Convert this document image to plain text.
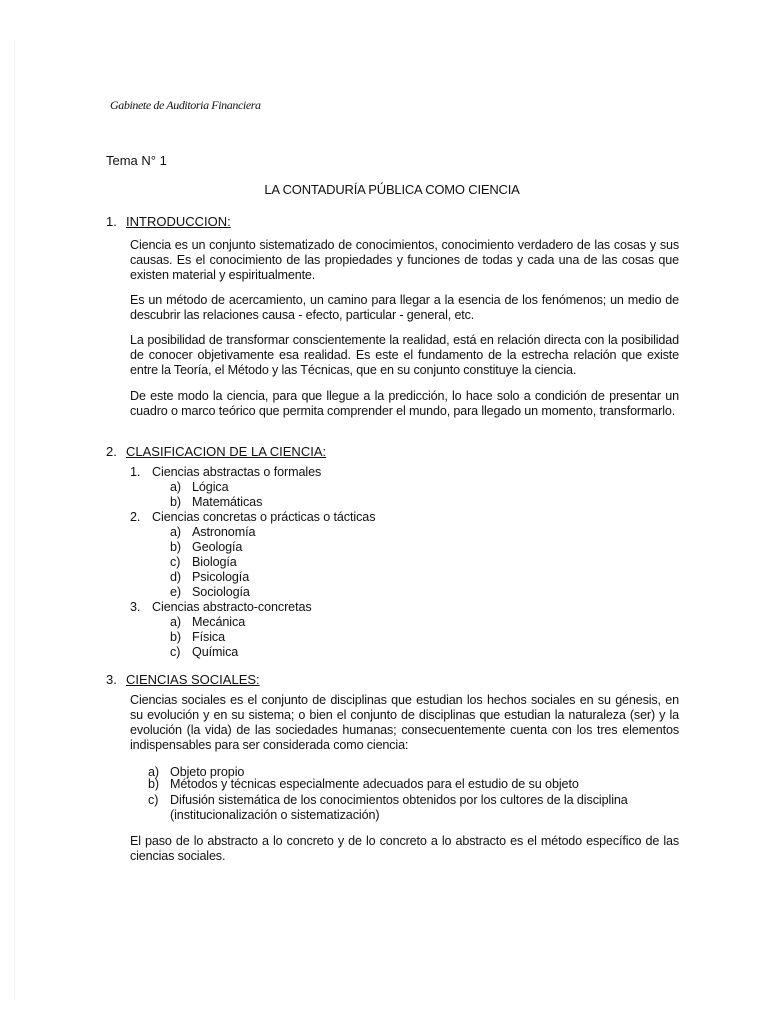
Gabinete de Auditoria Financiera
Tema N° 1
LA CONTADURÍA PÚBLICA COMO CIENCIA
1. INTRODUCCION:

Ciencia es un conjunto sistematizado de conocimientos, conocimiento verdadero de las cosas y sus causas. Es el conocimiento de las propiedades y funciones de todas y cada una de las cosas que existen material y espiritualmente.

Es un método de acercamiento, un camino para llegar a la esencia de los fenómenos; un medio de descubrir las relaciones causa - efecto, particular - general, etc.

La posibilidad de transformar conscientemente la realidad, está en relación directa con la posibilidad de conocer objetivamente esa realidad. Es este el fundamento de la estrecha relación que existe entre la Teoría, el Método y las Técnicas, que en su conjunto constituye la ciencia.

De este modo la ciencia, para que llegue a la predicción, lo hace solo a condición de presentar un cuadro o marco teórico que permita comprender el mundo, para llegado un momento, transformarlo.

2. CLASIFICACION DE LA CIENCIA:
1. Ciencias abstractas o formales
a) Lógica
b) Matemáticas
2. Ciencias concretas o prácticas o tácticas
a) Astronomía
b) Geología
c) Biología
d) Psicología
e) Sociología
3. Ciencias abstracto-concretas
a) Mecánica
b) Física
c) Química
3. CIENCIAS SOCIALES:

Ciencias sociales es el conjunto de disciplinas que estudian los hechos sociales en su génesis, en su evolución y en su sistema; o bien el conjunto de disciplinas que estudian la naturaleza (ser) y la evolución (la vida) de las sociedades humanas; consecuentemente cuenta con los tres elementos indispensables para ser considerada como ciencia:

a) Objeto propio
b) Métodos y técnicas especialmente adecuados para el estudio de su objeto
c) Difusión sistemática de los conocimientos obtenidos por los cultores de la disciplina
(institucionalización o sistematización)

El paso de lo abstracto a lo concreto y de lo concreto a lo abstracto es el método específico de las ciencias sociales.
